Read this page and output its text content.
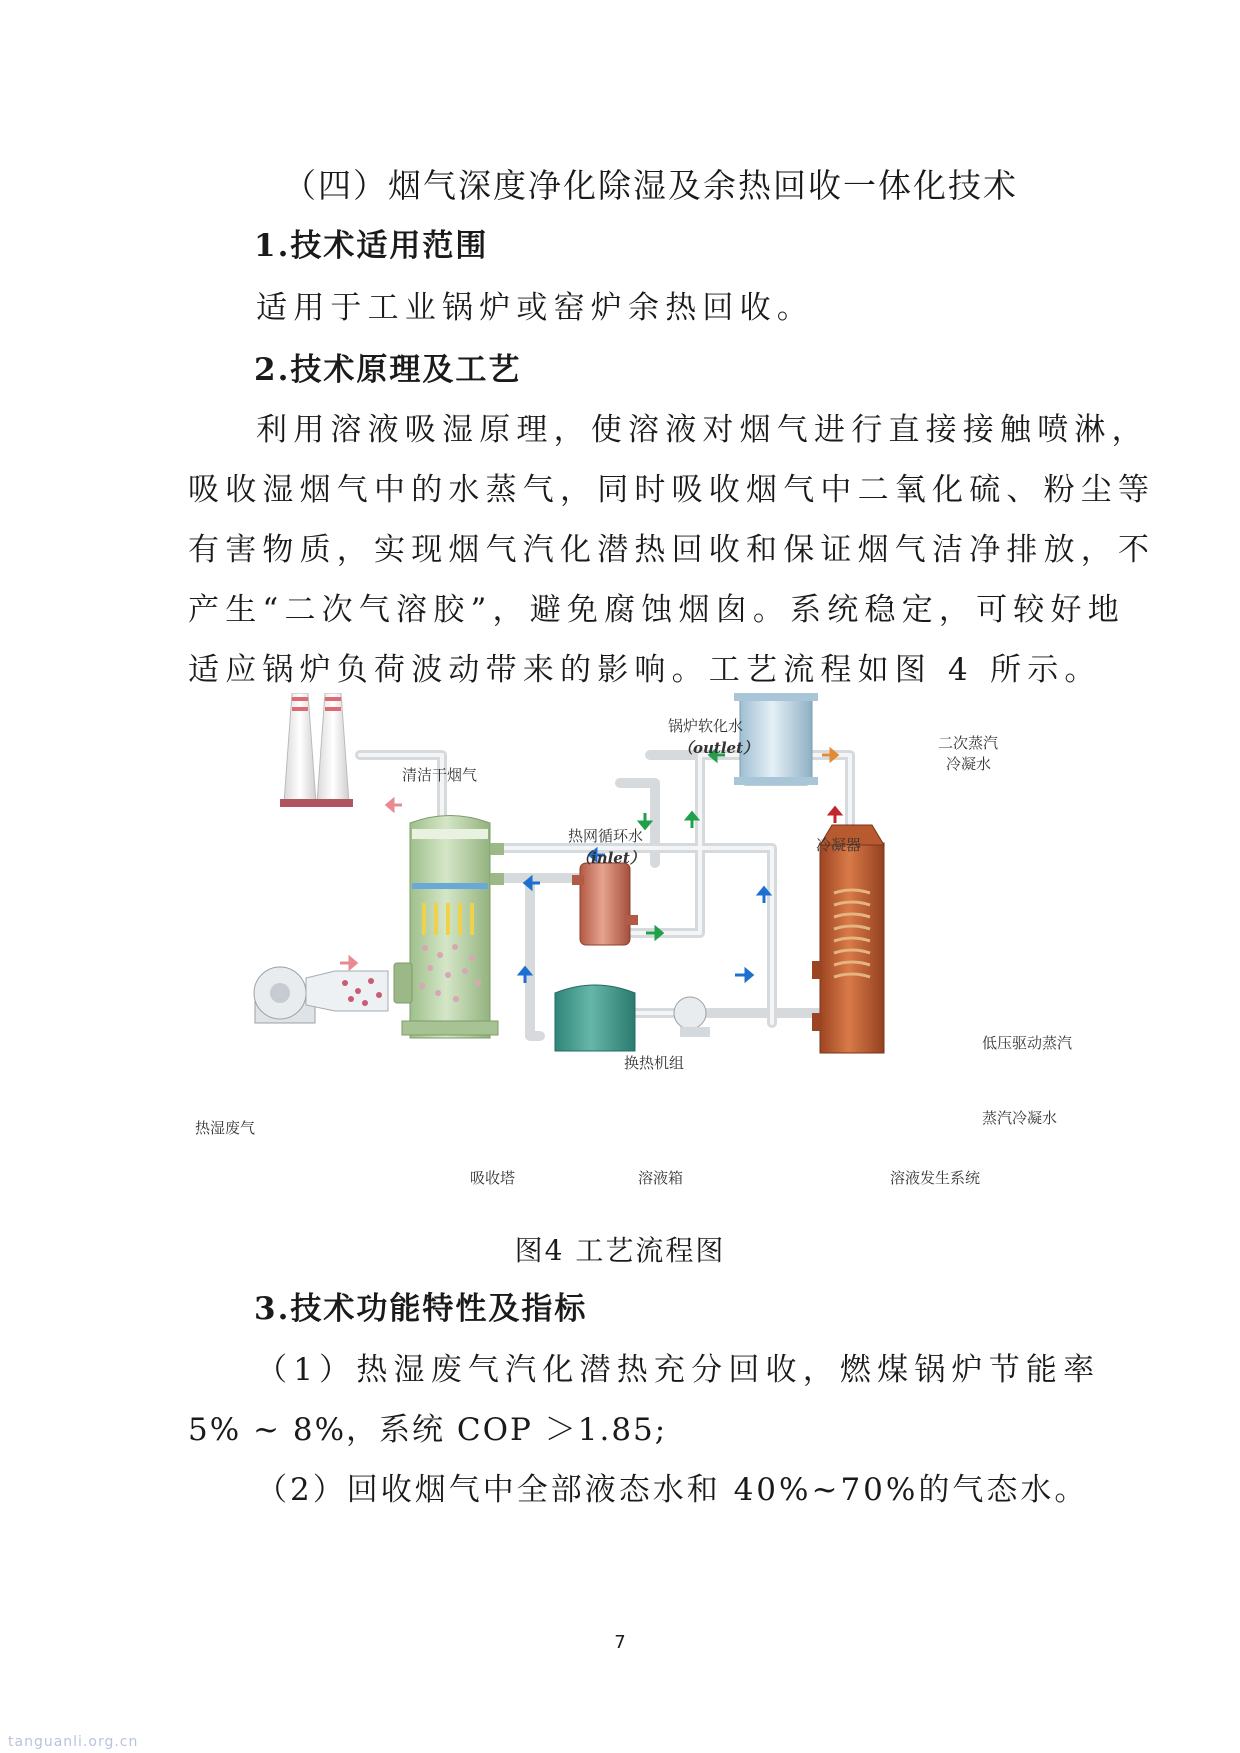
（四）烟气深度净化除湿及余热回收一体化技术
1.技术适用范围
适用于工业锅炉或窑炉余热回收。
2.技术原理及工艺
利用溶液吸湿原理，使溶液对烟气进行直接接触喷淋，
吸收湿烟气中的水蒸气，同时吸收烟气中二氧化硫、粉尘等
有害物质，实现烟气汽化潜热回收和保证烟气洁净排放，不
产生“二次气溶胶”，避免腐蚀烟囱。系统稳定，可较好地
适应锅炉负荷波动带来的影响。工艺流程如图 4 所示。
清洁干烟气
锅炉软化水
（outlet）	二次蒸汽
冷凝水
热网循环水
（inlet）
冷凝器
换热机组
低压驱动蒸汽
蒸汽冷凝水
热湿废气
吸收塔	溶液箱	溶液发生系统
图4 工艺流程图
3.技术功能特性及指标
（1）热湿废气汽化潜热充分回收，燃煤锅炉节能率
5% ~ 8%，系统 COP ＞1.85;
（2）回收烟气中全部液态水和 40%~70%的气态水。
7
tanguanli.org.cn
